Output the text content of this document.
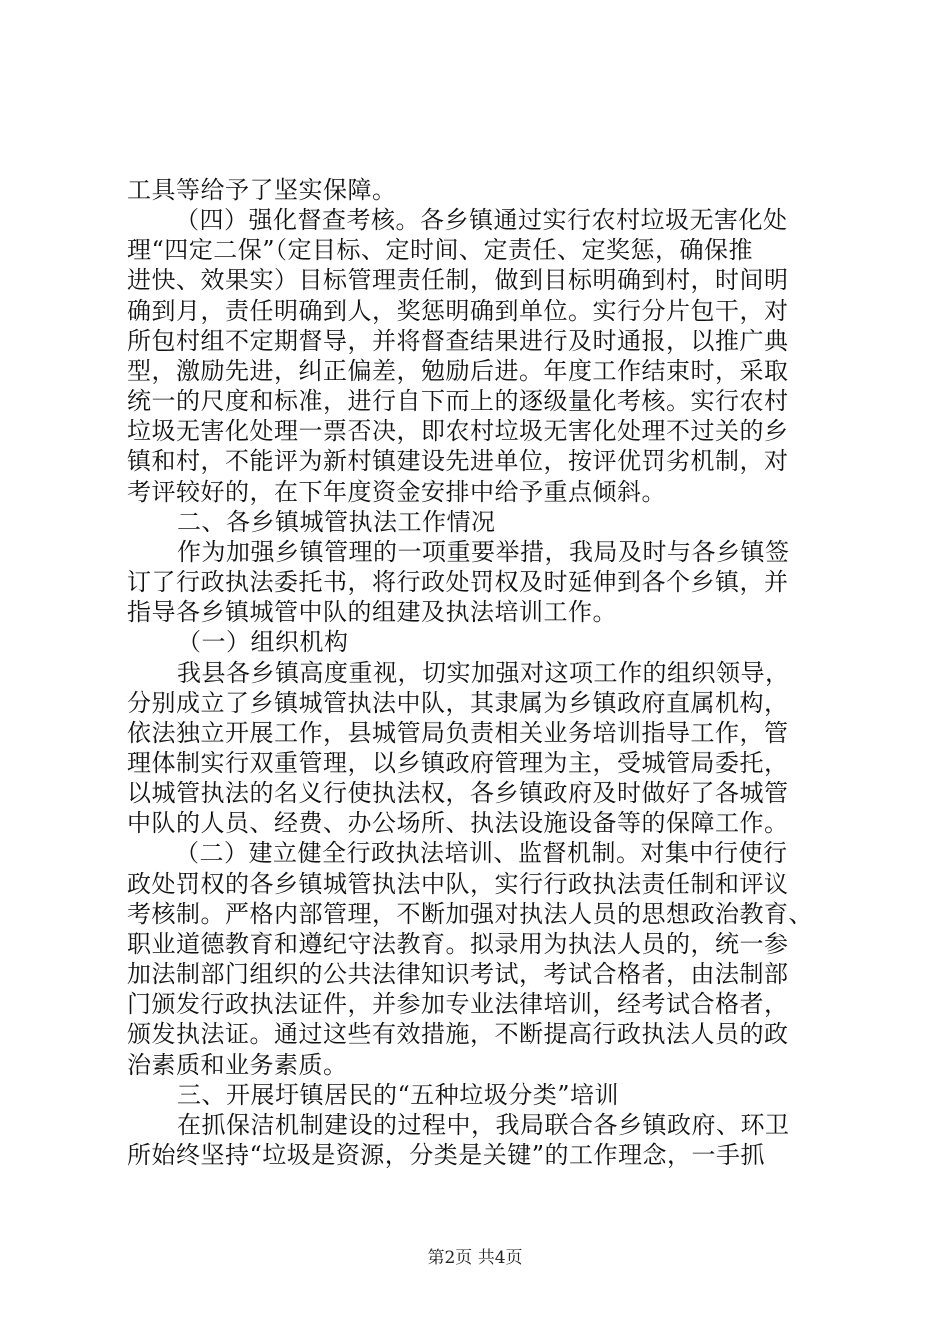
工具等给予了坚实保障。
（四）强化督查考核。各乡镇通过实行农村垃圾无害化处
理“四定二保”（定目标、定时间、定责任、定奖惩，确保推
进快、效果实）目标管理责任制，做到目标明确到村，时间明
确到月，责任明确到人，奖惩明确到单位。实行分片包干，对
所包村组不定期督导，并将督查结果进行及时通报，以推广典
型，激励先进，纠正偏差，勉励后进。年度工作结束时，采取
统一的尺度和标准，进行自下而上的逐级量化考核。实行农村
垃圾无害化处理一票否决，即农村垃圾无害化处理不过关的乡
镇和村，不能评为新村镇建设先进单位，按评优罚劣机制，对
考评较好的，在下年度资金安排中给予重点倾斜。
二、各乡镇城管执法工作情况
作为加强乡镇管理的一项重要举措，我局及时与各乡镇签
订了行政执法委托书，将行政处罚权及时延伸到各个乡镇，并
指导各乡镇城管中队的组建及执法培训工作。
（一）组织机构
我县各乡镇高度重视，切实加强对这项工作的组织领导，
分别成立了乡镇城管执法中队，其隶属为乡镇政府直属机构，
依法独立开展工作，县城管局负责相关业务培训指导工作，管
理体制实行双重管理，以乡镇政府管理为主，受城管局委托，
以城管执法的名义行使执法权，各乡镇政府及时做好了各城管
中队的人员、经费、办公场所、执法设施设备等的保障工作。
（二）建立健全行政执法培训、监督机制。对集中行使行
政处罚权的各乡镇城管执法中队，实行行政执法责任制和评议
考核制。严格内部管理，不断加强对执法人员的思想政治教育、
职业道德教育和遵纪守法教育。拟录用为执法人员的，统一参
加法制部门组织的公共法律知识考试，考试合格者，由法制部
门颁发行政执法证件，并参加专业法律培训，经考试合格者，
颁发执法证。通过这些有效措施，不断提高行政执法人员的政
治素质和业务素质。
三、开展圩镇居民的“五种垃圾分类”培训
在抓保洁机制建设的过程中，我局联合各乡镇政府、环卫
所始终坚持“垃圾是资源，分类是关键”的工作理念，一手抓
第2页 共4页
